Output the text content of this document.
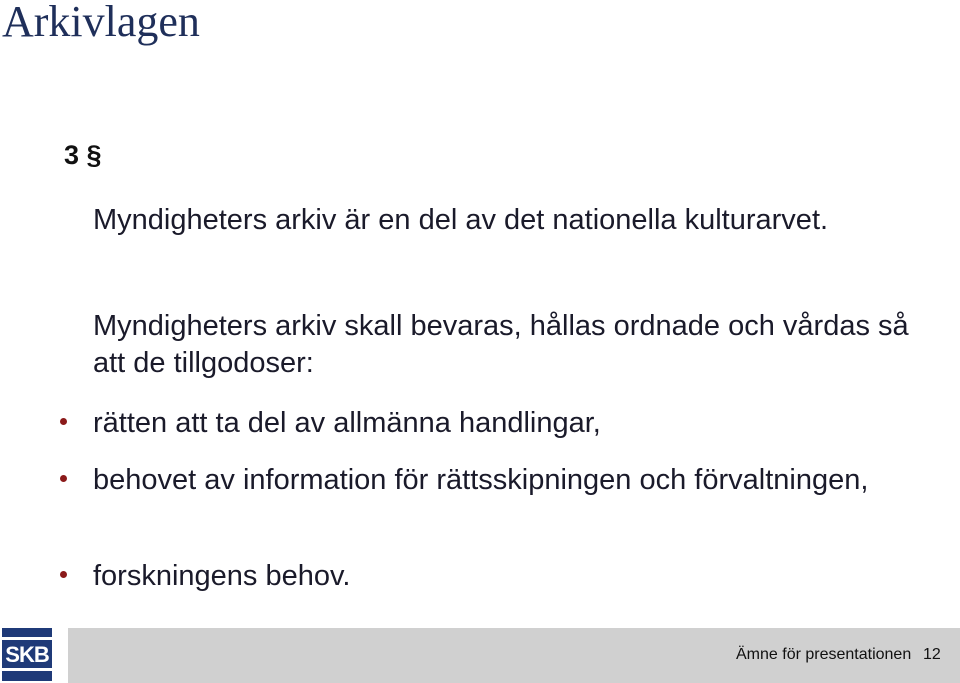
Arkivlagen
3 §

Myndigheters arkiv är en del av det nationella kulturarvet.

Myndigheters arkiv skall bevaras, hållas ordnade och vårdas så att de tillgodoser:

rätten att ta del av allmänna handlingar,

behovet av information för rättsskipningen och förvaltningen,

forskningens behov.

SKB	Ämne för presentationen 12
